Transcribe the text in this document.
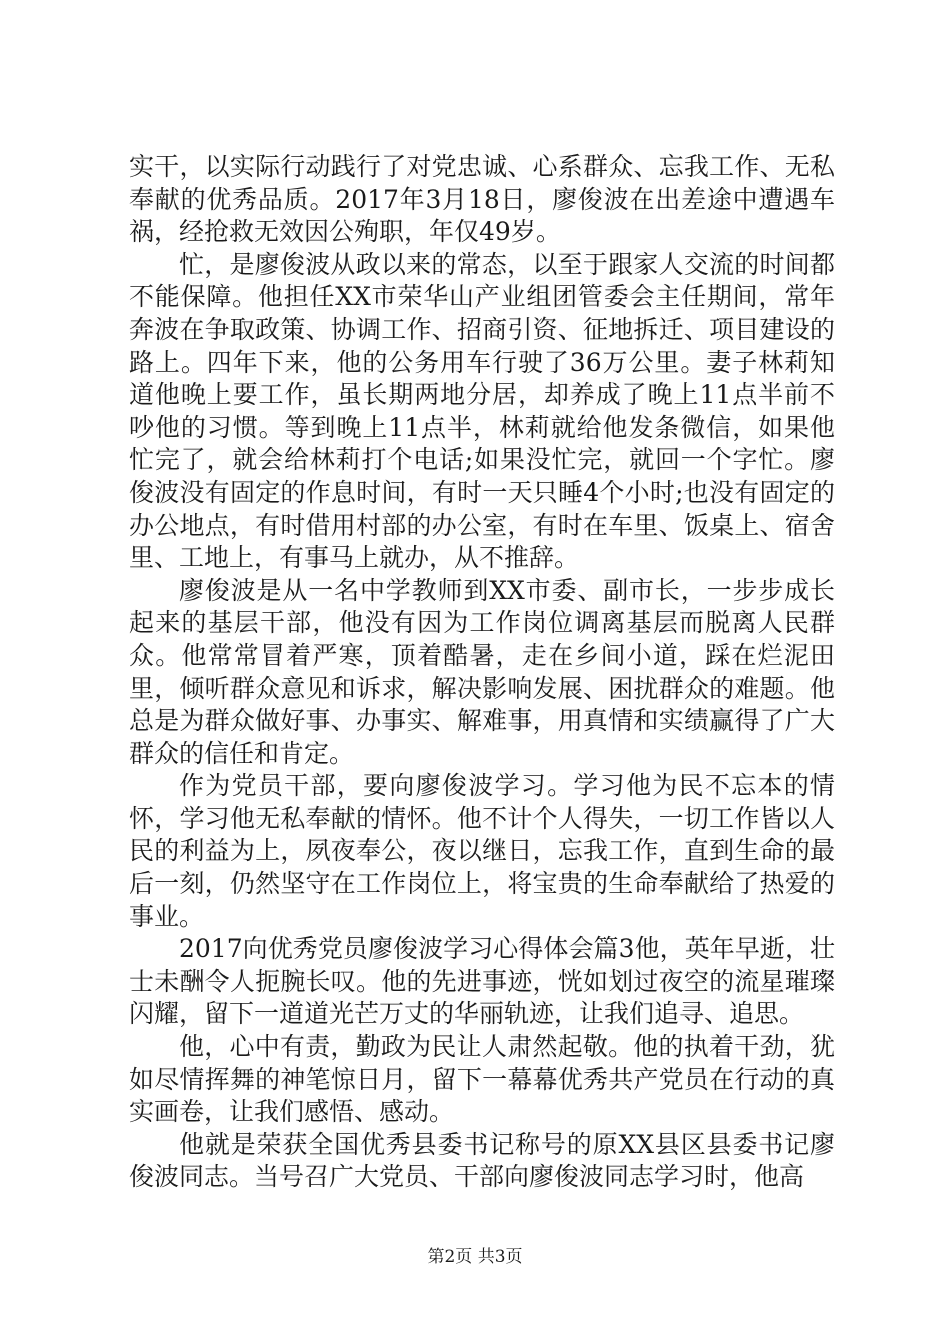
实干，以实际行动践行了对党忠诚、心系群众、忘我工作、无私奉献的优秀品质。2017年3月18日，廖俊波在出差途中遭遇车祸，经抢救无效因公殉职，年仅49岁。

忙，是廖俊波从政以来的常态，以至于跟家人交流的时间都不能保障。他担任XX市荣华山产业组团管委会主任期间，常年奔波在争取政策、协调工作、招商引资、征地拆迁、项目建设的路上。四年下来，他的公务用车行驶了36万公里。妻子林莉知道他晚上要工作，虽长期两地分居，却养成了晚上11点半前不吵他的习惯。等到晚上11点半，林莉就给他发条微信，如果他忙完了，就会给林莉打个电话;如果没忙完，就回一个字忙。廖俊波没有固定的作息时间，有时一天只睡4个小时;也没有固定的办公地点，有时借用村部的办公室，有时在车里、饭桌上、宿舍里、工地上，有事马上就办，从不推辞。

廖俊波是从一名中学教师到XX市委、副市长，一步步成长起来的基层干部，他没有因为工作岗位调离基层而脱离人民群众。他常常冒着严寒，顶着酷暑，走在乡间小道，踩在烂泥田里，倾听群众意见和诉求，解决影响发展、困扰群众的难题。他总是为群众做好事、办事实、解难事，用真情和实绩赢得了广大群众的信任和肯定。

作为党员干部，要向廖俊波学习。学习他为民不忘本的情怀，学习他无私奉献的情怀。他不计个人得失，一切工作皆以人民的利益为上，夙夜奉公，夜以继日，忘我工作，直到生命的最后一刻，仍然坚守在工作岗位上，将宝贵的生命奉献给了热爱的事业。

2017向优秀党员廖俊波学习心得体会篇3他，英年早逝，壮士未酬令人扼腕长叹。他的先进事迹，恍如划过夜空的流星璀璨闪耀，留下一道道光芒万丈的华丽轨迹，让我们追寻、追思。

他，心中有责，勤政为民让人肃然起敬。他的执着干劲，犹如尽情挥舞的神笔惊日月，留下一幕幕优秀共产党员在行动的真实画卷，让我们感悟、感动。

他就是荣获全国优秀县委书记称号的原XX县区县委书记廖俊波同志。当号召广大党员、干部向廖俊波同志学习时，他高

第2页 共3页
